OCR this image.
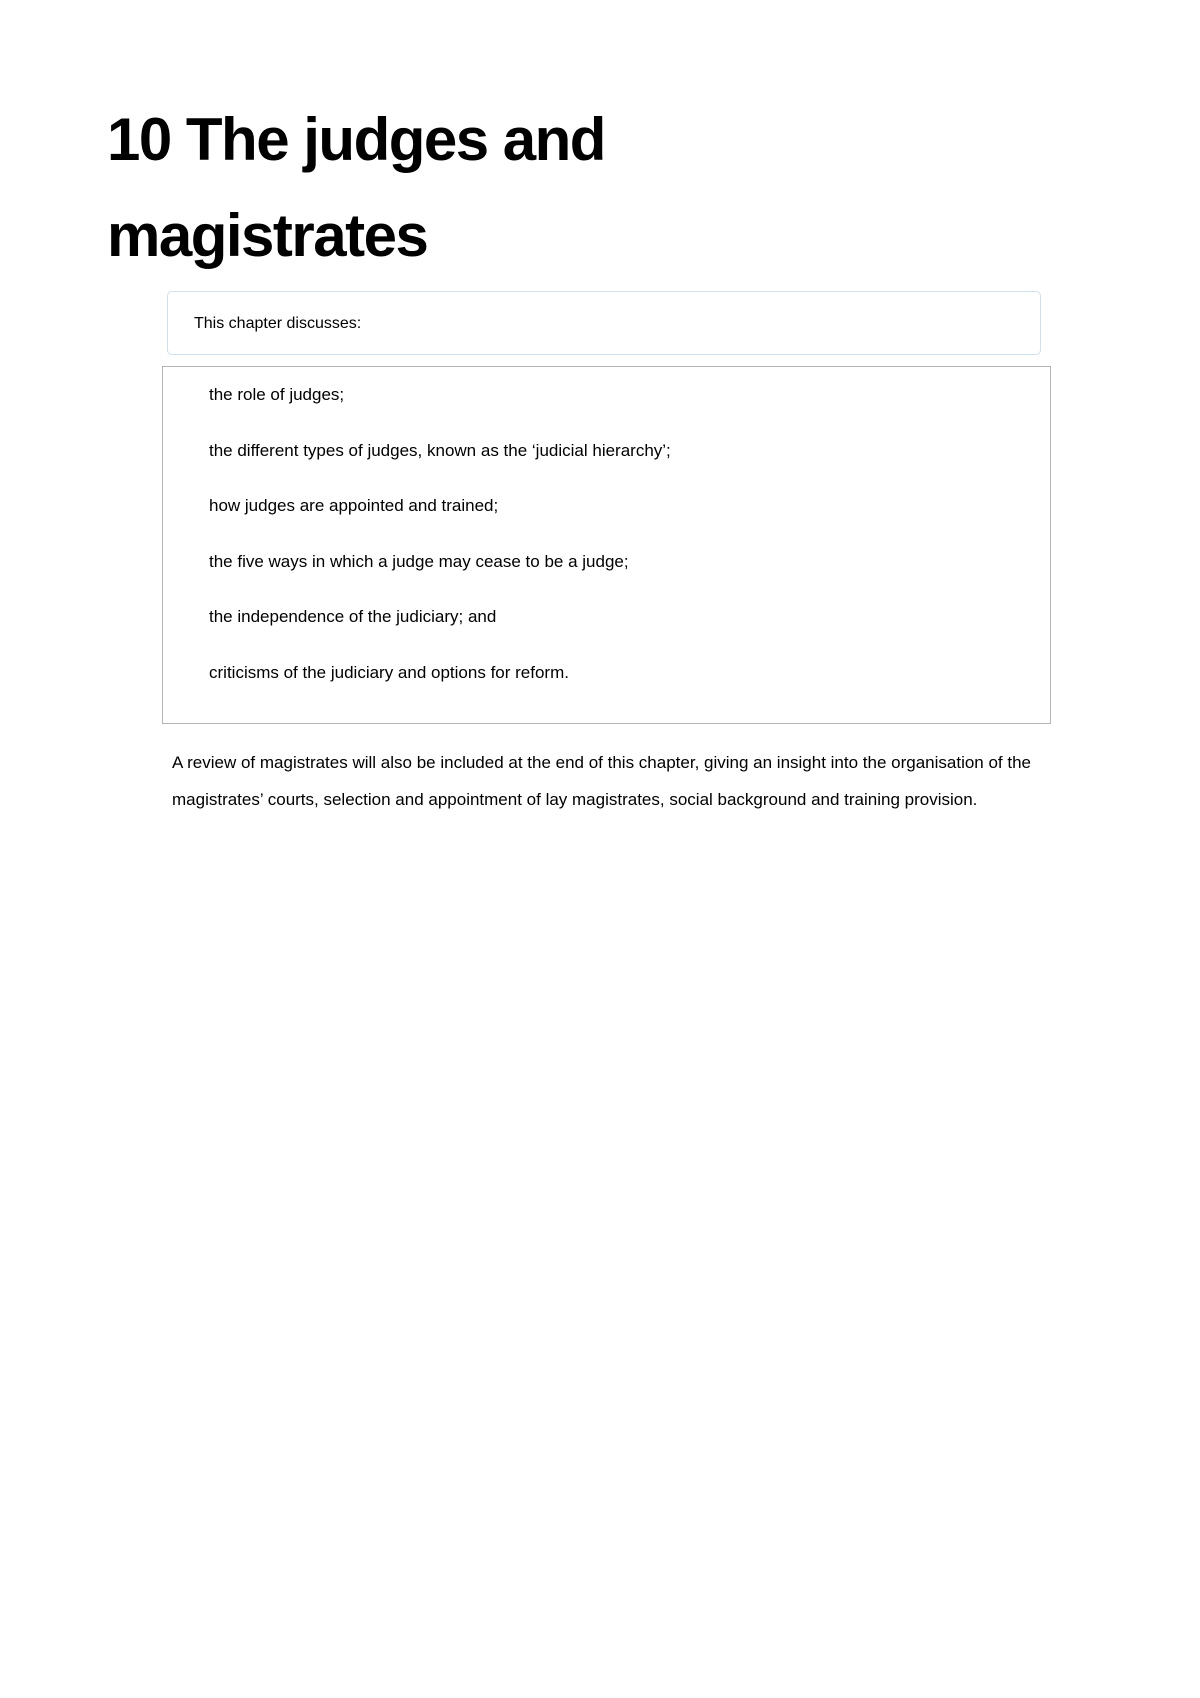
10 The judges and magistrates
This chapter discusses:
the role of judges;
the different types of judges, known as the ‘judicial hierarchy’;
how judges are appointed and trained;
the five ways in which a judge may cease to be a judge;
the independence of the judiciary; and
criticisms of the judiciary and options for reform.

A review of magistrates will also be included at the end of this chapter, giving an insight into the organisation of the magistrates’ courts, selection and appointment of lay magistrates, social background and training provision.
